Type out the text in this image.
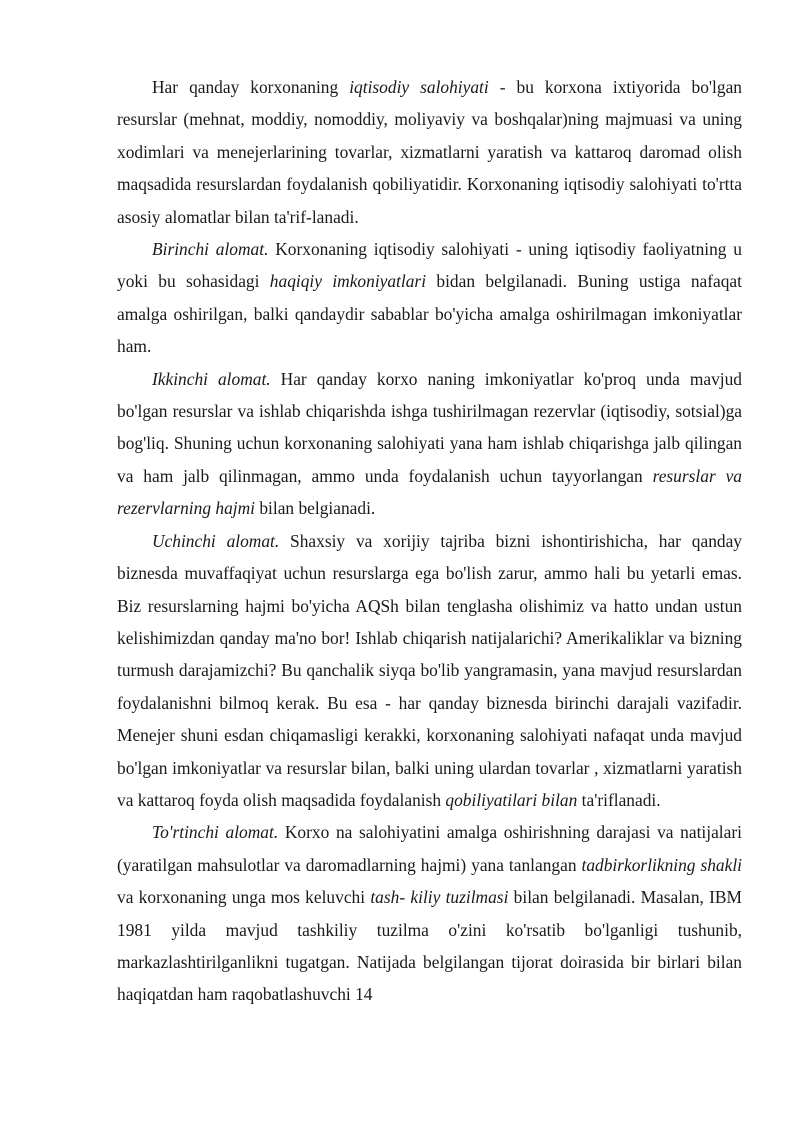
Har qanday korxonaning iqtisodiy salohiyati - bu korxona ixtiyorida bo'lgan resurslar (mehnat, moddiy, nomoddiy, moliyaviy va boshqalar)ning majmuasi va uning xodimlari va menejerlarining tovarlar, xizmatlarni yaratish va kattaroq daromad olish maqsadida resurslardan foydalanish qobiliyatidir. Korxonaning iqtisodiy salohiyati to'rtta asosiy alomatlar bilan ta'rif-lanadi.

Birinchi alomat. Korxonaning iqtisodiy salohiyati - uning iqtisodiy faoliyatning u yoki bu sohasidagi haqiqiy imkoniyatlari bidan belgilanadi. Buning ustiga nafaqat amalga oshirilgan, balki qandaydir sabablar bo'yicha amalga oshirilmagan imkoniyatlar ham.

Ikkinchi alomat. Har qanday korxo naning imkoniyatlar ko'proq unda mavjud bo'lgan resurslar va ishlab chiqarishda ishga tushirilmagan rezervlar (iqtisodiy, sotsial)ga bog'liq. Shuning uchun korxonaning salohiyati yana ham ishlab chiqarishga jalb qilingan va ham jalb qilinmagan, ammo unda foydalanish uchun tayyorlangan resurslar va rezervlarning hajmi bilan belgianadi.

Uchinchi alomat. Shaxsiy va xorijiy tajriba bizni ishontirishicha, har qanday biznesda muvaffaqiyat uchun resurslarga ega bo'lish zarur, ammo hali bu yetarli emas. Biz resurslarning hajmi bo'yicha AQSh bilan tenglasha olishimiz va hatto undan ustun kelishimizdan qanday ma'no bor! Ishlab chiqarish natijalarichi? Amerikaliklar va bizning turmush darajamizchi? Bu qanchalik siyqa bo'lib yangramasin, yana mavjud resurslardan foydalanishni bilmoq kerak. Bu esa - har qanday biznesda birinchi darajali vazifadir. Menejer shuni esdan chiqamasligi kerakki, korxonaning salohiyati nafaqat unda mavjud bo'lgan imkoniyatlar va resurslar bilan, balki uning ulardan tovarlar , xizmatlarni yaratish va kattaroq foyda olish maqsadida foydalanish qobiliyatilari bilan ta'riflanadi.

To'rtinchi alomat. Korxo na salohiyatini amalga oshirishning darajasi va natijalari (yaratilgan mahsulotlar va daromadlarning hajmi) yana tanlangan tadbirkorlikning shakli va korxonaning unga mos keluvchi tash- kiliy tuzilmasi bilan belgilanadi. Masalan, IBM 1981 yilda mavjud tashkiliy tuzilma o'zini ko'rsatib bo'lganligi tushunib, markazlashtirilganlikni tugatgan. Natijada belgilangan tijorat doirasida bir birlari bilan haqiqatdan ham raqobatlashuvchi 14
